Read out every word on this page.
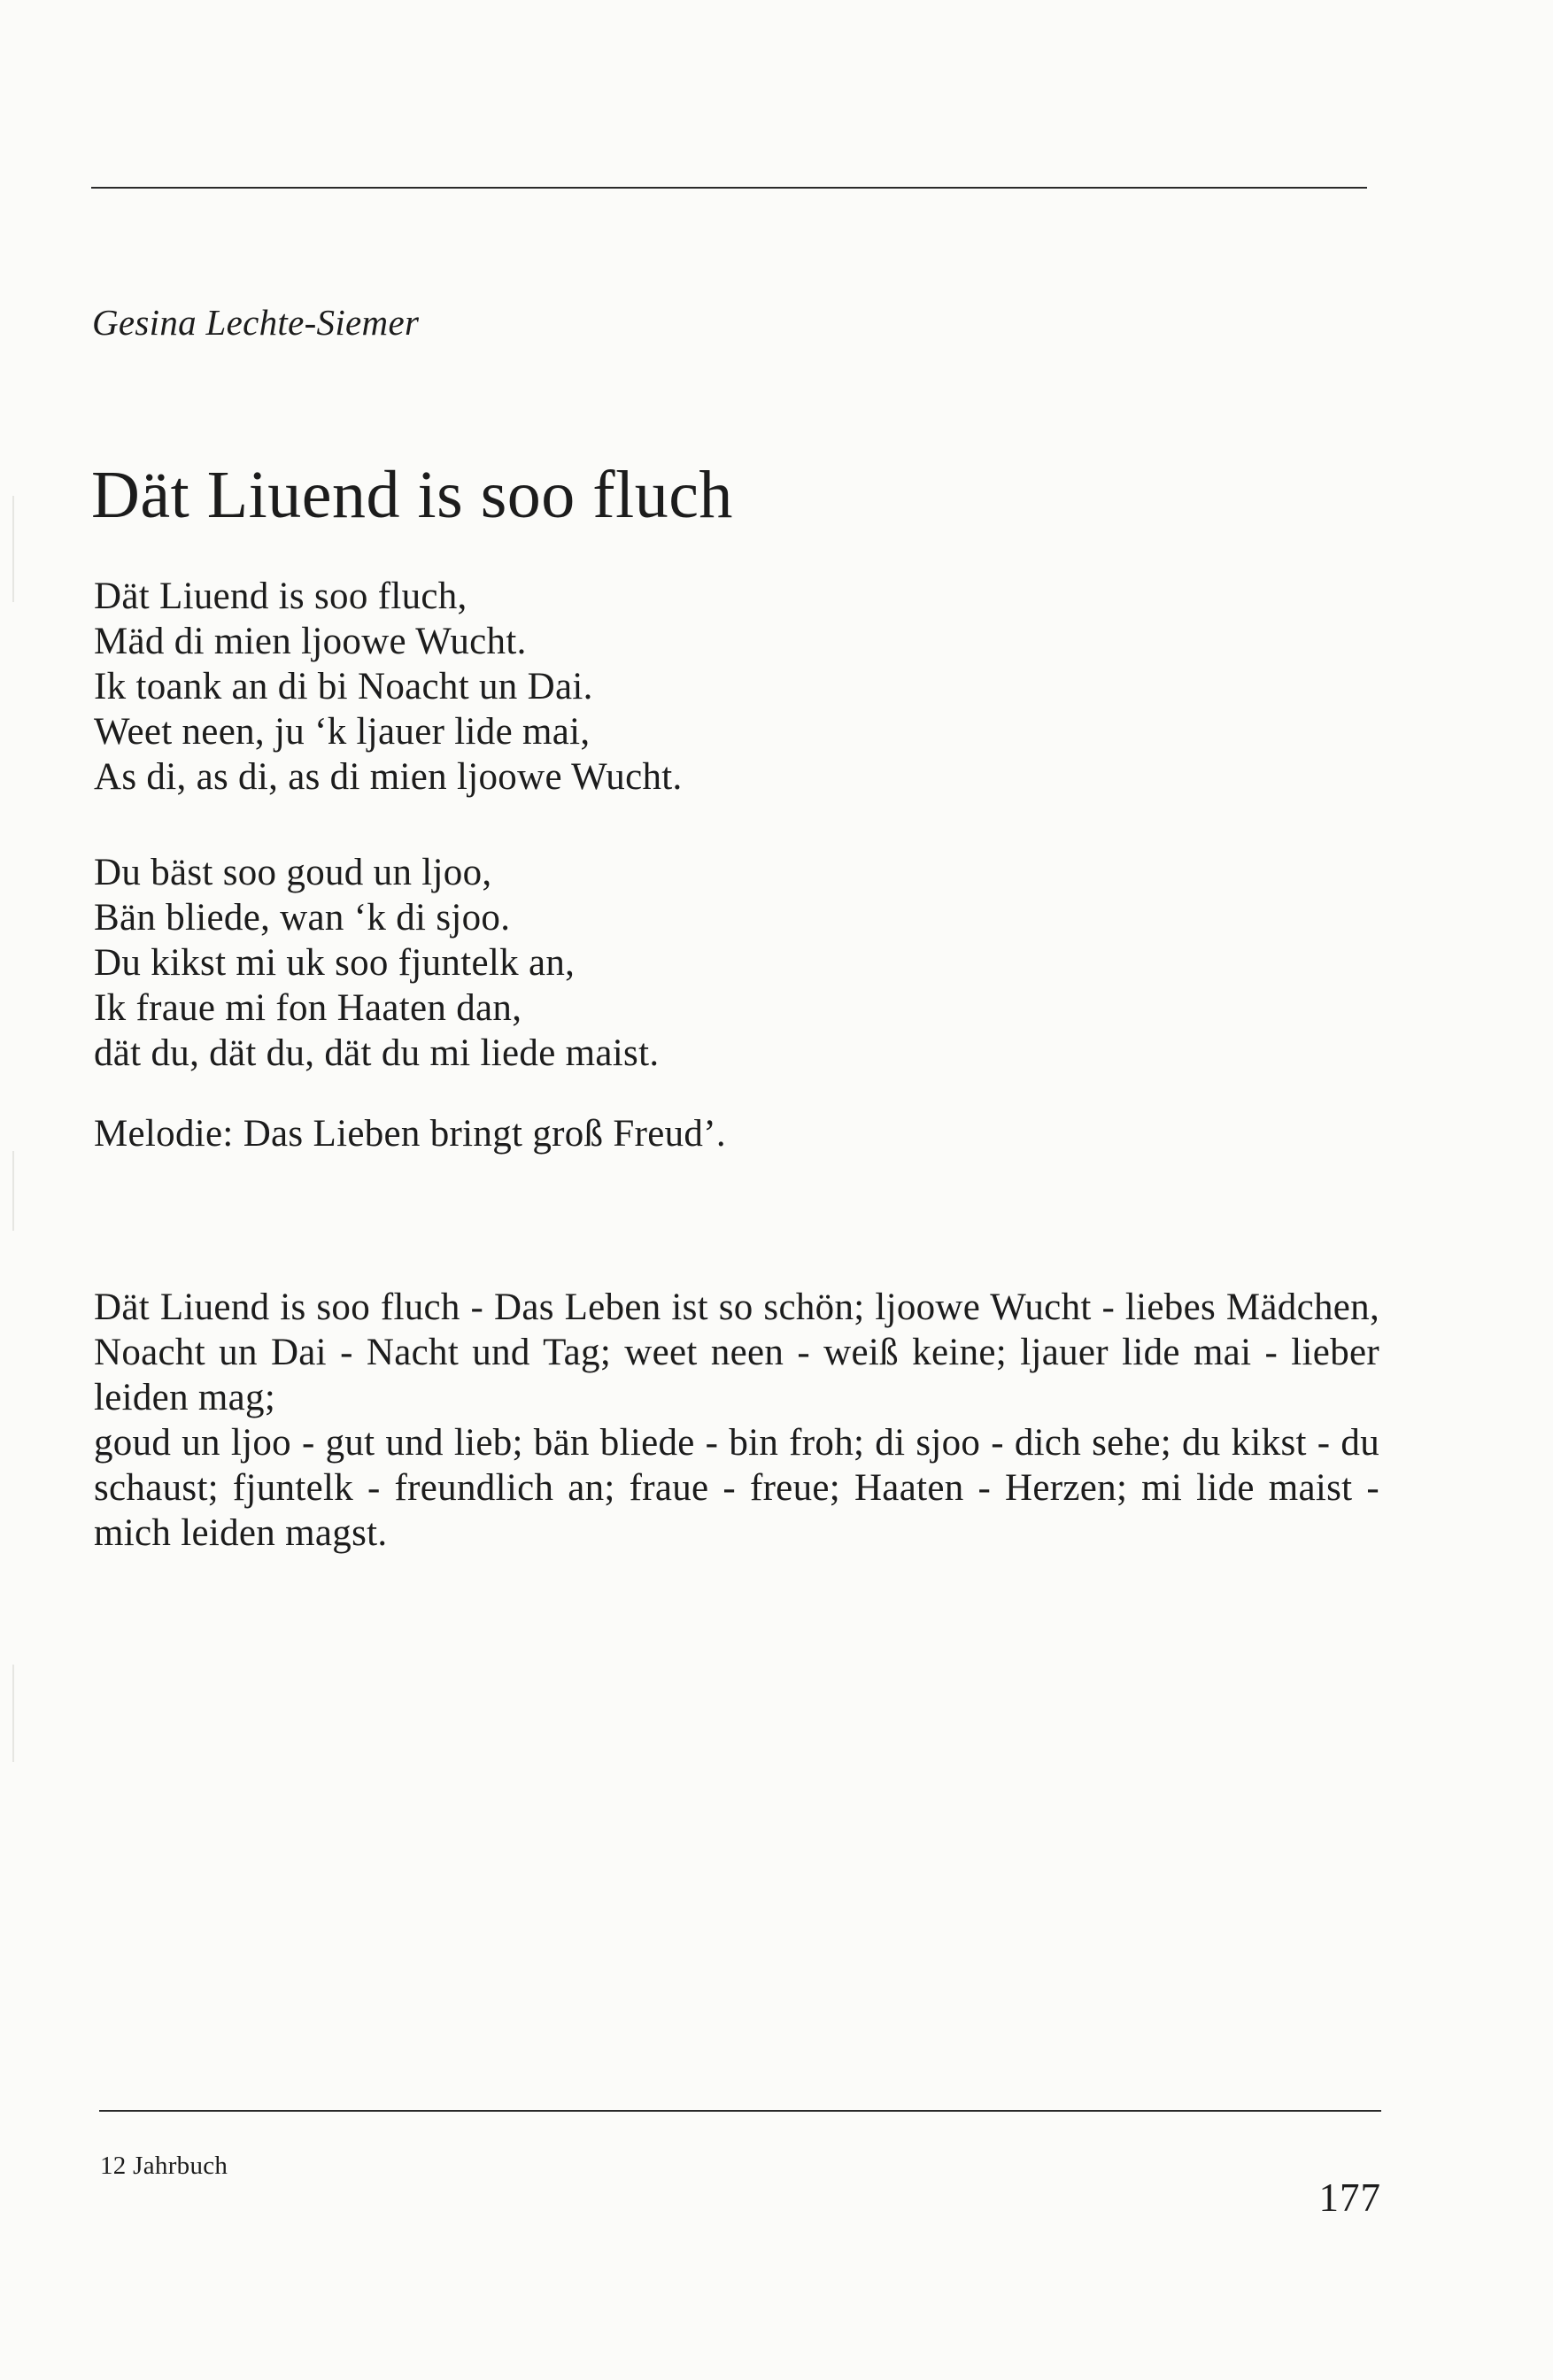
Gesina Lechte-Siemer
Dät Liuend is soo fluch

Dät Liuend is soo fluch,
Mäd di mien ljoowe Wucht.
Ik toank an di bi Noacht un Dai.
Weet neen, ju ‘k ljauer lide mai,
As di, as di, as di mien ljoowe Wucht.

Du bäst soo goud un ljoo,
Bän bliede, wan ‘k di sjoo.
Du kikst mi uk soo fjuntelk an,
Ik fraue mi fon Haaten dan,
dät du, dät du, dät du mi liede maist.

Melodie: Das Lieben bringt groß Freud’.

Dät Liuend is soo fluch - Das Leben ist so schön; ljoowe Wucht - liebes Mädchen, Noacht un Dai - Nacht und Tag; weet neen - weiß keine; ljauer lide mai - lieber leiden mag;

goud un ljoo - gut und lieb; bän bliede - bin froh; di sjoo - dich sehe; du kikst - du schaust; fjuntelk - freundlich an; fraue - freue; Haaten - Herzen; mi lide maist - mich leiden magst.

12 Jahrbuch
177
